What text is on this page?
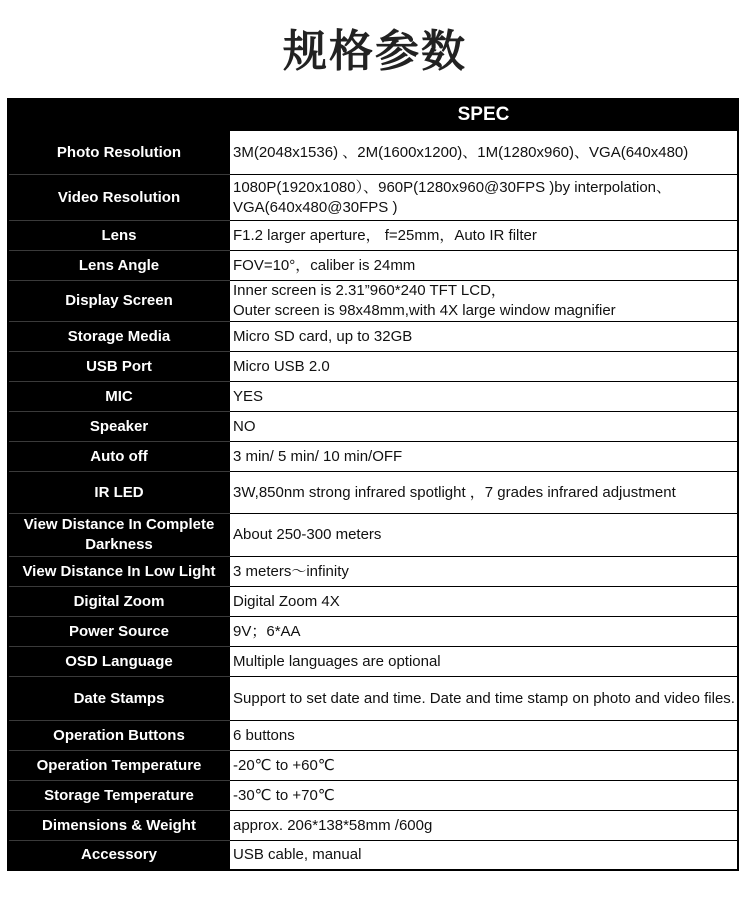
规格参数
	SPEC
Photo Resolution	3M(2048x1536) 、2M(1600x1200)、1M(1280x960)、VGA(640x480)
Video Resolution	1080P(1920x1080）、960P(1280x960@30FPS )by interpolation、VGA(640x480@30FPS )
Lens	F1.2 larger aperture， f=25mm，Auto IR filter
Lens Angle	FOV=10°，caliber is 24mm
Display Screen	Inner screen is 2.31”960*240 TFT LCD，
Outer screen is 98x48mm,with 4X large window magnifier
Storage Media	Micro SD card, up to 32GB
USB Port	Micro USB 2.0
MIC	YES
Speaker	NO
Auto off	3 min/ 5 min/ 10 min/OFF
IR LED	3W,850nm strong infrared spotlight ，7 grades infrared adjustment
View Distance In Complete Darkness	About 250-300 meters
View Distance In Low Light	3 meters～infinity
Digital Zoom	Digital Zoom 4X
Power Source	9V；6*AA
OSD Language	Multiple languages are optional
Date Stamps	Support to set date and time. Date and time stamp on photo and video files.
Operation Buttons	6 buttons
Operation Temperature	-20℃ to +60℃
Storage Temperature	-30℃ to +70℃
Dimensions & Weight	approx. 206*138*58mm /600g
Accessory	USB cable, manual
